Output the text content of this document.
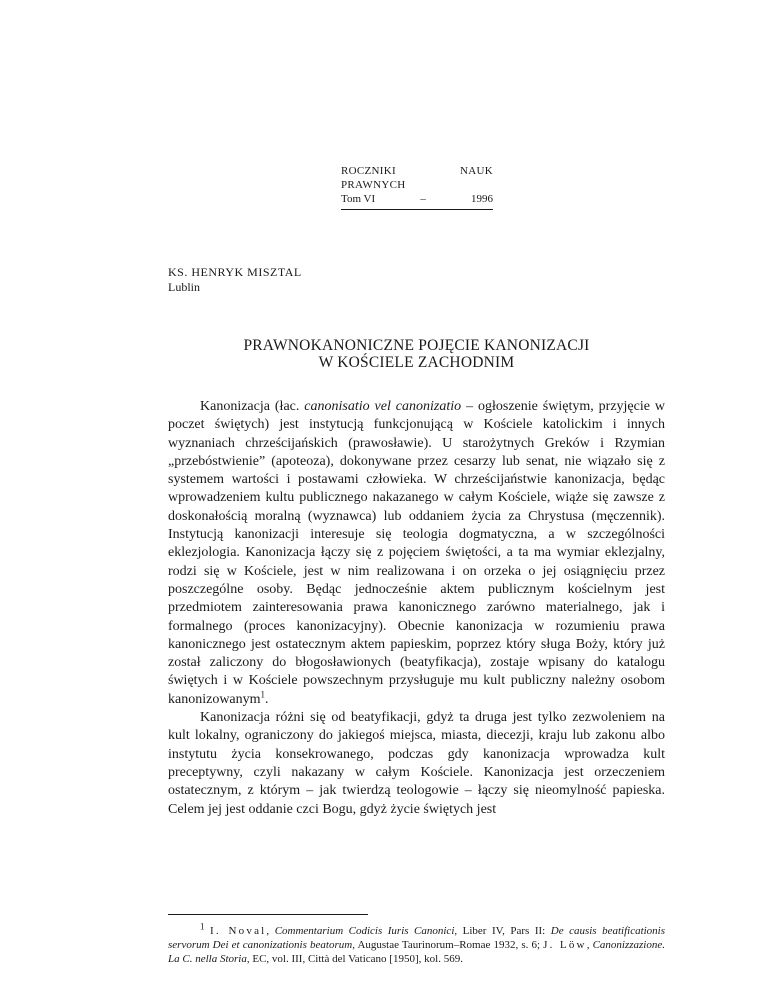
ROCZNIKI NAUK PRAWNYCH
Tom VI	–	1996
KS. HENRYK MISZTAL
Lublin
PRAWNOKANONICZNE POJĘCIE KANONIZACJI
W KOŚCIELE ZACHODNIM

Kanonizacja (łac. canonisatio vel canonizatio – ogłoszenie świętym, przyjęcie w poczet świętych) jest instytucją funkcjonującą w Kościele katolickim i innych wyznaniach chrześcijańskich (prawosławie). U starożytnych Greków i Rzymian „przebóstwienie” (apoteoza), dokonywane przez cesarzy lub senat, nie wiązało się z systemem wartości i postawami człowieka. W chrześcijaństwie kanonizacja, będąc wprowadzeniem kultu publicznego nakazanego w całym Kościele, wiąże się zawsze z doskonałością moralną (wyznawca) lub oddaniem życia za Chrystusa (męczennik). Instytucją kanonizacji interesuje się teologia dogmatyczna, a w szczególności eklezjologia. Kanonizacja łączy się z pojęciem świętości, a ta ma wymiar eklezjalny, rodzi się w Kościele, jest w nim realizowana i on orzeka o jej osiągnięciu przez poszczególne osoby. Będąc jednocześnie aktem publicznym kościelnym jest przedmiotem zainteresowania prawa kanonicznego zarówno materialnego, jak i formalnego (proces kanonizacyjny). Obecnie kanonizacja w rozumieniu prawa kanonicznego jest ostatecznym aktem papieskim, poprzez który sługa Boży, który już został zaliczony do błogosławionych (beatyfikacja), zostaje wpisany do katalogu świętych i w Kościele powszechnym przysługuje mu kult publiczny należny osobom kanonizowanym$^1$.

Kanonizacja różni się od beatyfikacji, gdyż ta druga jest tylko zezwoleniem na kult lokalny, ograniczony do jakiegoś miejsca, miasta, diecezji, kraju lub zakonu albo instytutu życia konsekrowanego, podczas gdy kanonizacja wprowadza kult preceptywny, czyli nakazany w całym Kościele. Kanonizacja jest orzeczeniem ostatecznym, z którym – jak twierdzą teologowie – łączy się nieomylność papieska. Celem jej jest oddanie czci Bogu, gdyż życie świętych jest

$^1$ I. Noval, Commentarium Codicis Iuris Canonici, Liber IV, Pars II: De causis beatificationis servorum Dei et canonizationis beatorum, Augustae Taurinorum–Romae 1932, s. 6; J. Löw, Canonizzazione. La C. nella Storia, EC, vol. III, Città del Vaticano [1950], kol. 569.
